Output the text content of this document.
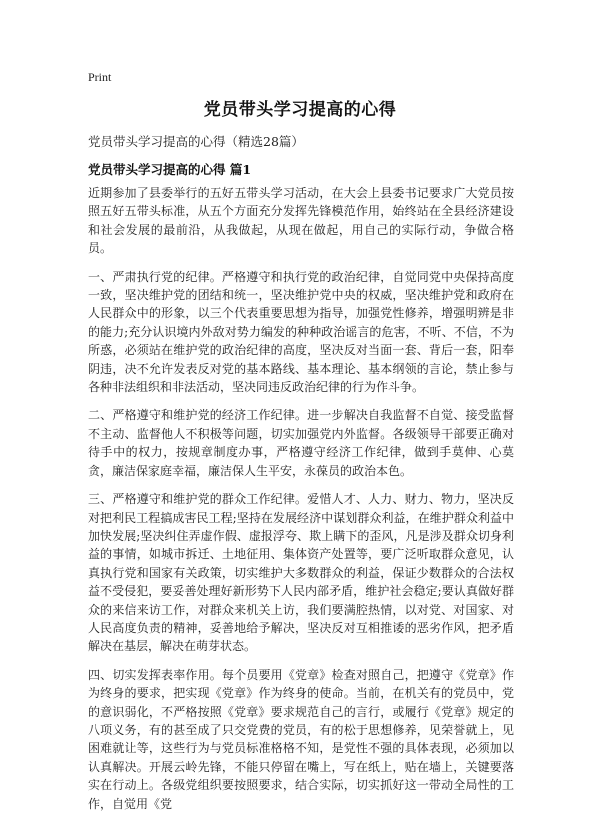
Print
党员带头学习提高的心得
党员带头学习提高的心得（精选28篇）
党员带头学习提高的心得 篇1

近期参加了县委举行的五好五带头学习活动，在大会上县委书记要求广大党员按照五好五带头标准，从五个方面充分发挥先锋模范作用，始终站在全县经济建设和社会发展的最前沿，从我做起，从现在做起，用自己的实际行动，争做合格员。

一、严肃执行党的纪律。严格遵守和执行党的政治纪律，自觉同党中央保持高度一致，坚决维护党的团结和统一，坚决维护党中央的权威，坚决维护党和政府在人民群众中的形象，以三个代表重要思想为指导，加强党性修养，增强明辨是非的能力;充分认识境内外敌对势力编发的种种政治谣言的危害，不听、不信，不为所惑，必须站在维护党的政治纪律的高度，坚决反对当面一套、背后一套，阳奉阴违，决不允许发表反对党的基本路线、基本理论、基本纲领的言论，禁止参与各种非法组织和非法活动，坚决同违反政治纪律的行为作斗争。

二、严格遵守和维护党的经济工作纪律。进一步解决自我监督不自觉、接受监督不主动、监督他人不积极等问题，切实加强党内外监督。各级领导干部要正确对待手中的权力，按规章制度办事，严格遵守经济工作纪律，做到手莫伸、心莫贪，廉洁保家庭幸福，廉洁保人生平安，永葆员的政治本色。

三、严格遵守和维护党的群众工作纪律。爱惜人才、人力、财力、物力，坚决反对把利民工程搞成害民工程;坚持在发展经济中谋划群众利益，在维护群众利益中加快发展;坚决纠住弄虚作假、虚报浮夸、欺上瞒下的歪风，凡是涉及群众切身利益的事情，如城市拆迁、土地征用、集体资产处置等，要广泛听取群众意见，认真执行党和国家有关政策，切实维护大多数群众的利益，保证少数群众的合法权益不受侵犯，要妥善处理好新形势下人民内部矛盾，维护社会稳定;要认真做好群众的来信来访工作，对群众来机关上访，我们要满腔热情，以对党、对国家、对人民高度负责的精神，妥善地给予解决，坚决反对互相推诿的恶劣作风，把矛盾解决在基层，解决在萌芽状态。

四、切实发挥表率作用。每个员要用《党章》检查对照自己，把遵守《党章》作为终身的要求，把实现《党章》作为终身的使命。当前，在机关有的党员中，党的意识弱化，不严格按照《党章》要求规范自己的言行，或履行《党章》规定的八项义务，有的甚至成了只交党费的党员，有的松于思想修养，见荣誉就上，见困难就让等，这些行为与党员标准格格不知，是党性不强的具体表现，必须加以认真解决。开展云岭先锋，不能只停留在嘴上，写在纸上，贴在墙上，关键要落实在行动上。各级党组织要按照要求，结合实际，切实抓好这一带动全局性的工作，自觉用《党
